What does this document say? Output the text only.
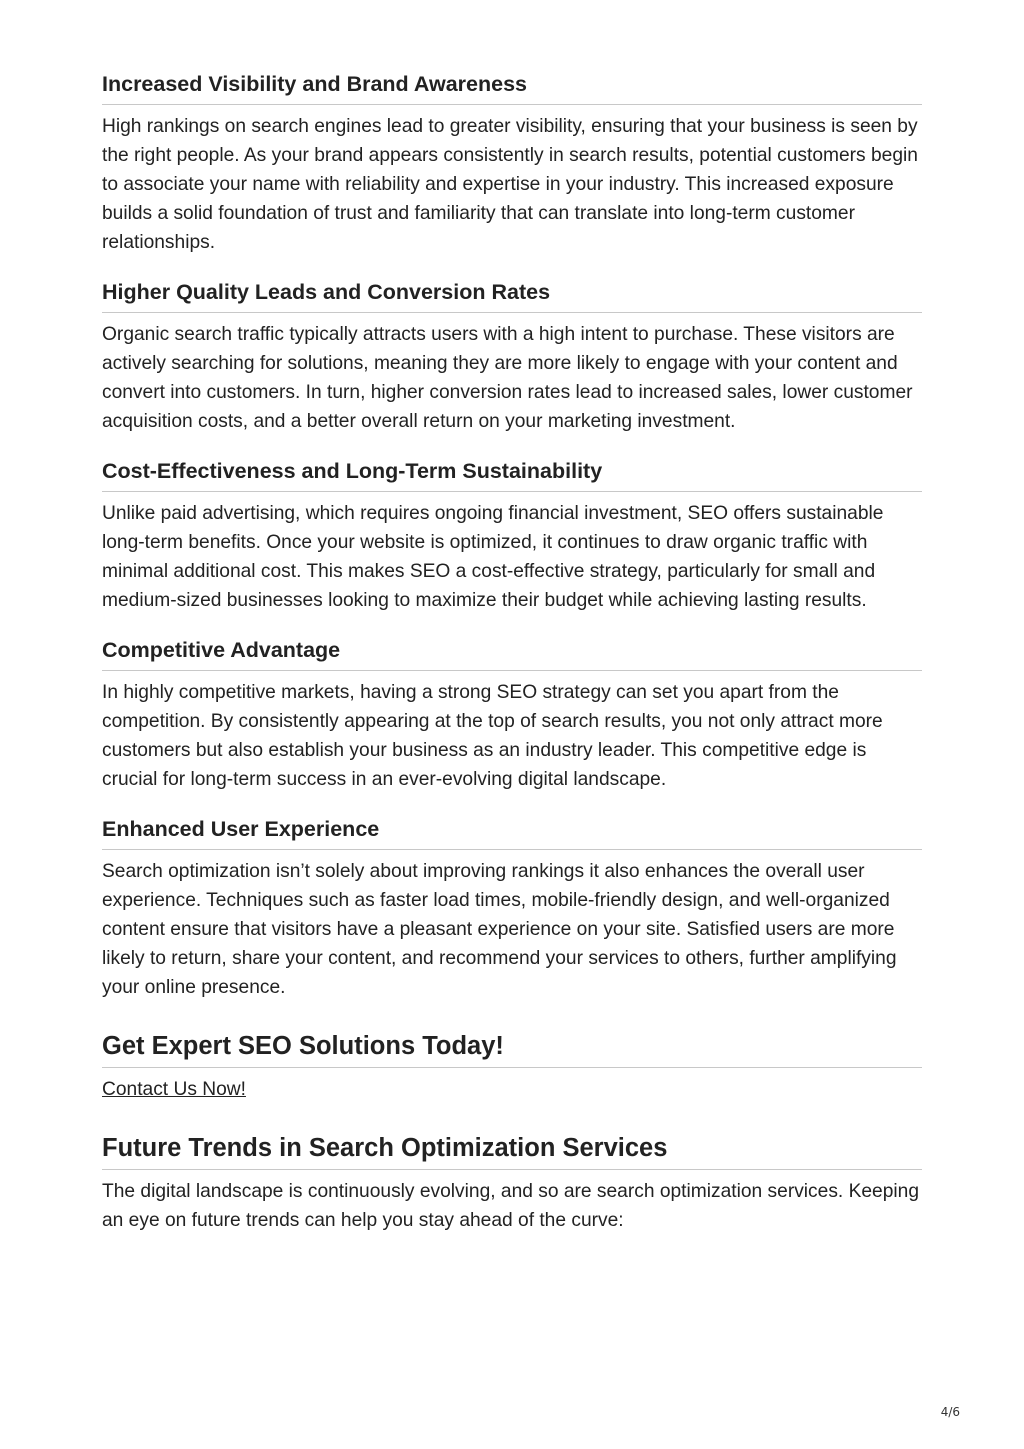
Increased Visibility and Brand Awareness

High rankings on search engines lead to greater visibility, ensuring that your business is seen by the right people. As your brand appears consistently in search results, potential customers begin to associate your name with reliability and expertise in your industry. This increased exposure builds a solid foundation of trust and familiarity that can translate into long-term customer relationships.

Higher Quality Leads and Conversion Rates

Organic search traffic typically attracts users with a high intent to purchase. These visitors are actively searching for solutions, meaning they are more likely to engage with your content and convert into customers. In turn, higher conversion rates lead to increased sales, lower customer acquisition costs, and a better overall return on your marketing investment.

Cost-Effectiveness and Long-Term Sustainability

Unlike paid advertising, which requires ongoing financial investment, SEO offers sustainable long-term benefits. Once your website is optimized, it continues to draw organic traffic with minimal additional cost. This makes SEO a cost-effective strategy, particularly for small and medium-sized businesses looking to maximize their budget while achieving lasting results.

Competitive Advantage

In highly competitive markets, having a strong SEO strategy can set you apart from the competition. By consistently appearing at the top of search results, you not only attract more customers but also establish your business as an industry leader. This competitive edge is crucial for long-term success in an ever-evolving digital landscape.

Enhanced User Experience

Search optimization isn’t solely about improving rankings it also enhances the overall user experience. Techniques such as faster load times, mobile-friendly design, and well-organized content ensure that visitors have a pleasant experience on your site. Satisfied users are more likely to return, share your content, and recommend your services to others, further amplifying your online presence.

Get Expert SEO Solutions Today!
Contact Us Now!
Future Trends in Search Optimization Services

The digital landscape is continuously evolving, and so are search optimization services. Keeping an eye on future trends can help you stay ahead of the curve:

4/6
